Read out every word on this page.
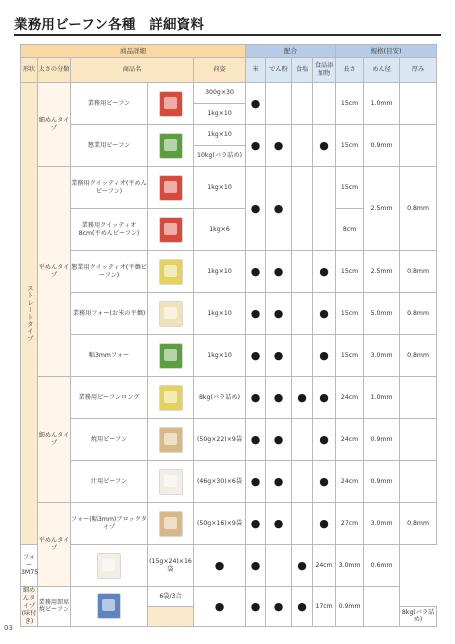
業務用ビーフン各種　詳細資料
商品詳細					配合				規格(目安)		
形状	太さの分類	商品名		荷姿	米	でん粉	食塩	食品添加物	長さ	めん径	厚み

ストレートタイプ	細めんタイプ	業務用ビーフン		300g×30	●				15cm	1.0mm	
				1kg×10							
		懇業用ビーフン		1kg×10	●	●		●	15cm	0.9mm	
				10kg(バラ詰め)							
	平めんタイプ	業務用クイッティオ(平めんビーフン)		1kg×10	●	●			15cm	2.5mm	0.8mm
		業務用クイッティオ8cm(平めんビーフン)		1kg×6					8cm		
		懇業用クイッティオ(平麺ビーフン)		1kg×10	●	●		●	15cm	2.5mm	0.8mm
		業務用フォー(お米の平麺)		1kg×10	●	●		●	15cm	5.0mm	0.8mm
		幅3mmフォー		1kg×10	●	●		●	15cm	3.0mm	0.8mm
	細めんタイプ	業務用ビーフンロング		8kg(バラ詰め)	●	●	●	●	24cm	1.0mm	
		焼用ビーフン		(50g×22)×9袋	●	●		●	24cm	0.9mm	
		汁用ビーフン		(46g×30)×6袋	●	●		●	24cm	0.9mm	
	平めんタイプ	フォー(幅3mm)ブロックタイプ		(50g×16)×9袋	●	●		●	27cm	3.0mm	0.8mm
フォー3M75			(15g×24)×16袋	●	●		●	24cm	3.0mm	0.6mm	
細めんタイプ(味付き)	業務用即席焼ビーフン		6袋/3合	●	●	●	●	17cm	0.9mm		
											8kg(バラ詰め)
03
